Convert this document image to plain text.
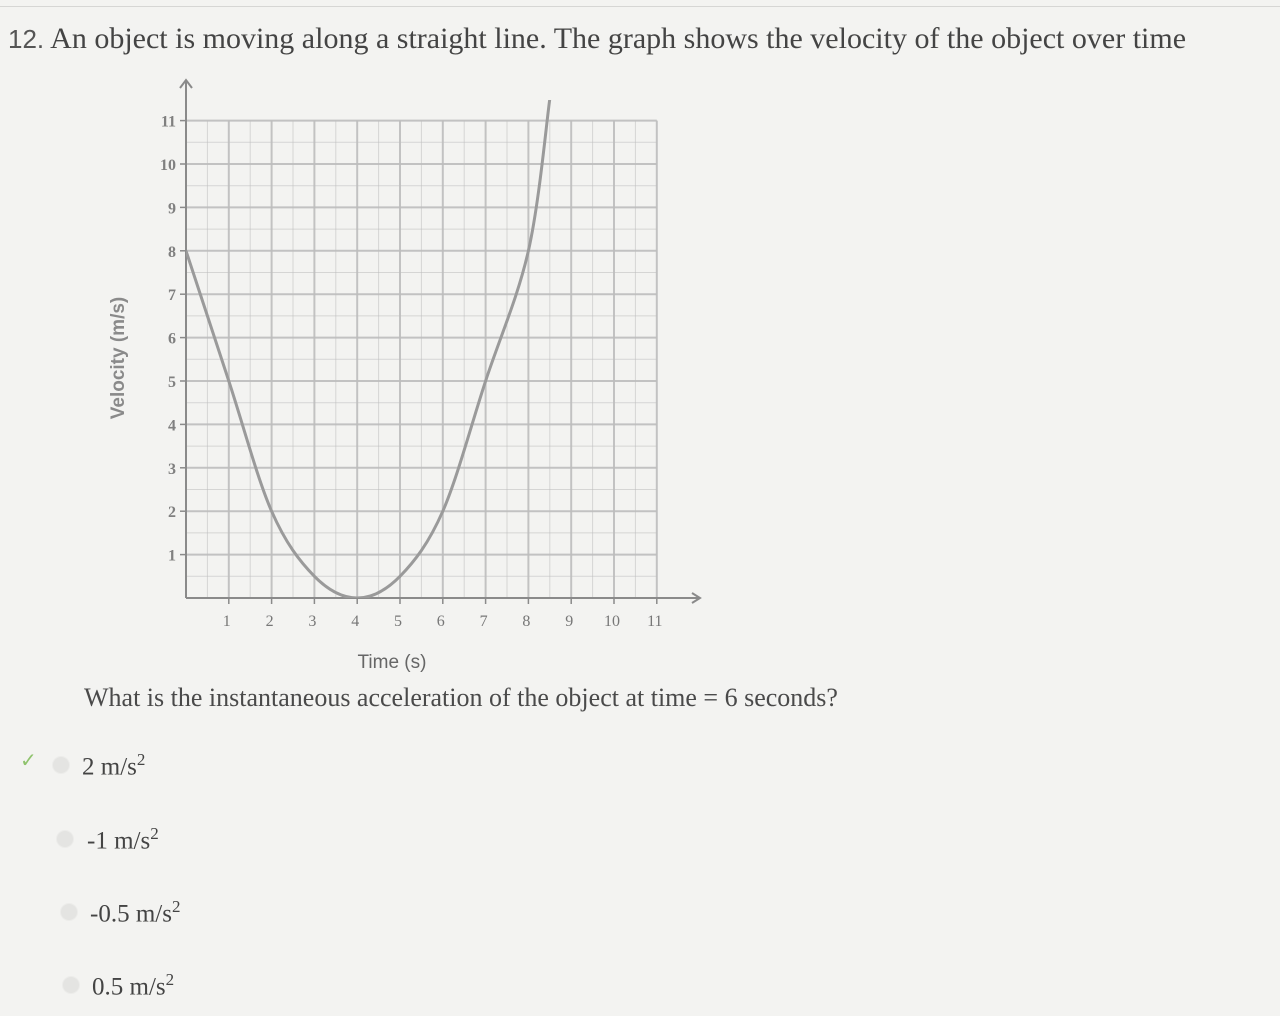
12. An object is moving along a straight line. The graph shows the velocity of the object over time
1 2 3 4 5 6 7 8 9 10 11
1
2
3
4
5
6
7
8
9
10
11
Time (s)
Velocity (m/s)
What is the instantaneous acceleration of the object at time = 6 seconds?
✓ 2 $m/s^2$
-1 $m/s^2$
-0.5 $m/s^2$
0.5 $m/s^2$
